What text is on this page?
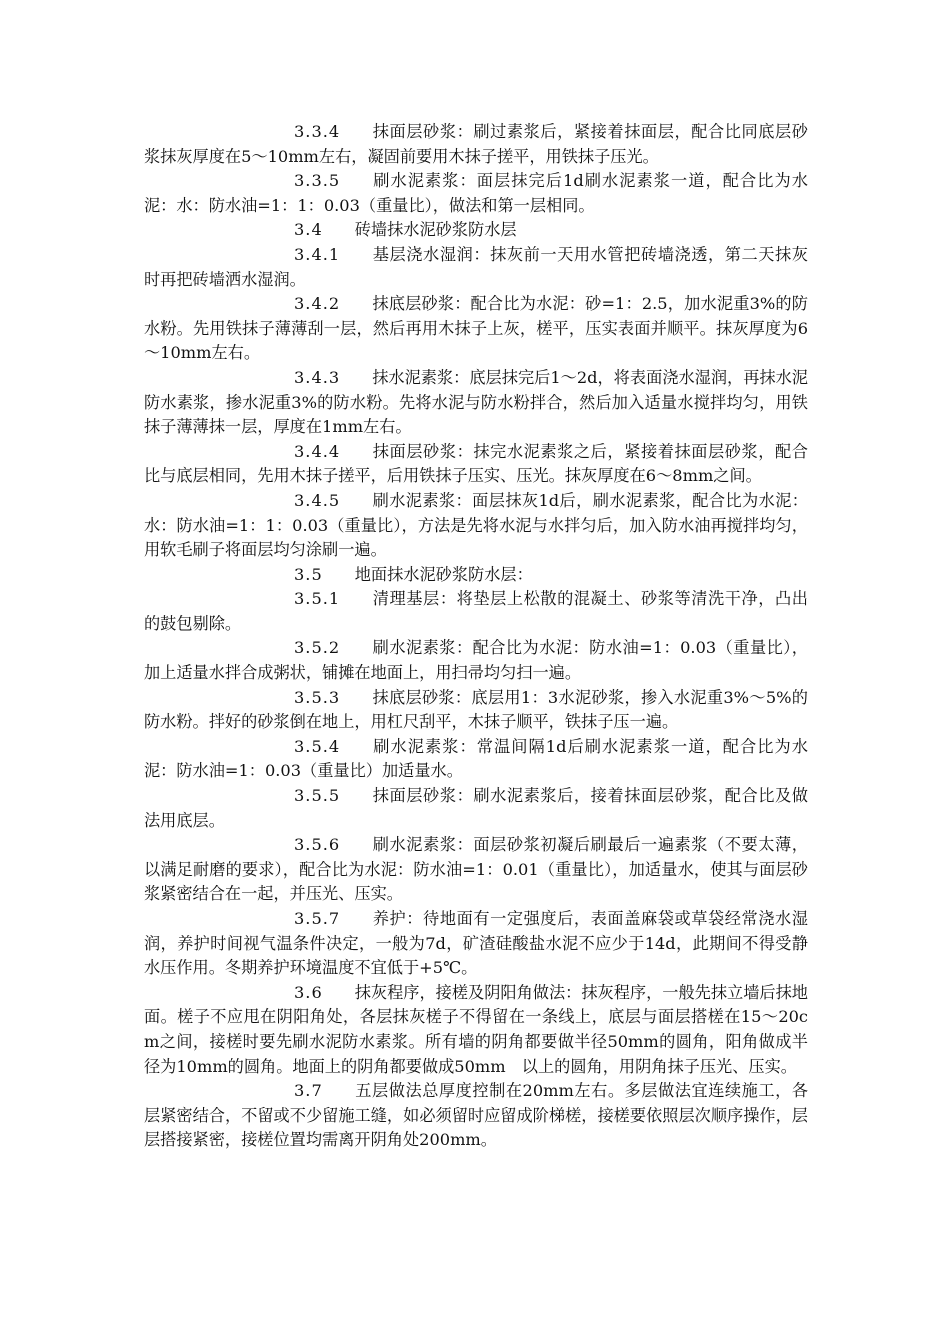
3.3.4 抹面层砂浆：刷过素浆后，紧接着抹面层，配合比同底层砂浆抹灰厚度在5～10mm左右，凝固前要用木抹子搓平，用铁抹子压光。

3.3.5 刷水泥素浆：面层抹完后1d刷水泥素浆一道，配合比为水泥：水：防水油=1：1：0.03（重量比），做法和第一层相同。

3.4 砖墙抹水泥砂浆防水层

3.4.1 基层浇水湿润：抹灰前一天用水管把砖墙浇透，第二天抹灰时再把砖墙洒水湿润。

3.4.2 抹底层砂浆：配合比为水泥：砂=1：2.5，加水泥重3%的防水粉。先用铁抹子薄薄刮一层，然后再用木抹子上灰，槎平，压实表面并顺平。抹灰厚度为6～10mm左右。

3.4.3 抹水泥素浆：底层抹完后1～2d，将表面浇水湿润，再抹水泥防水素浆，掺水泥重3%的防水粉。先将水泥与防水粉拌合，然后加入适量水搅拌均匀，用铁抹子薄薄抹一层，厚度在1mm左右。

3.4.4 抹面层砂浆：抹完水泥素浆之后，紧接着抹面层砂浆，配合比与底层相同，先用木抹子搓平，后用铁抹子压实、压光。抹灰厚度在6～8mm之间。

3.4.5 刷水泥素浆：面层抹灰1d后，刷水泥素浆，配合比为水泥：水：防水油=1：1：0.03（重量比），方法是先将水泥与水拌匀后，加入防水油再搅拌均匀，用软毛刷子将面层均匀涂刷一遍。

3.5 地面抹水泥砂浆防水层：

3.5.1 清理基层：将垫层上松散的混凝土、砂浆等清洗干净，凸出的鼓包剔除。

3.5.2 刷水泥素浆：配合比为水泥：防水油=1：0.03（重量比），加上适量水拌合成粥状，铺摊在地面上，用扫帚均匀扫一遍。

3.5.3 抹底层砂浆：底层用1：3水泥砂浆，掺入水泥重3%～5%的防水粉。拌好的砂浆倒在地上，用杠尺刮平，木抹子顺平，铁抹子压一遍。

3.5.4 刷水泥素浆：常温间隔1d后刷水泥素浆一道，配合比为水泥：防水油=1：0.03（重量比）加适量水。

3.5.5 抹面层砂浆：刷水泥素浆后，接着抹面层砂浆，配合比及做法用底层。

3.5.6 刷水泥素浆：面层砂浆初凝后刷最后一遍素浆（不要太薄，以满足耐磨的要求），配合比为水泥：防水油=1：0.01（重量比），加适量水，使其与面层砂浆紧密结合在一起，并压光、压实。

3.5.7 养护：待地面有一定强度后，表面盖麻袋或草袋经常浇水湿润，养护时间视气温条件决定，一般为7d，矿渣硅酸盐水泥不应少于14d，此期间不得受静水压作用。冬期养护环境温度不宜低于+5℃。

3.6 抹灰程序，接槎及阴阳角做法：抹灰程序，一般先抹立墙后抹地面。槎子不应甩在阴阳角处，各层抹灰槎子不得留在一条线上，底层与面层搭槎在15～20cm之间，接槎时要先刷水泥防水素浆。所有墙的阴角都要做半径50mm的圆角，阳角做成半径为10mm的圆角。地面上的阴角都要做成50mm　以上的圆角，用阴角抹子压光、压实。

3.7 五层做法总厚度控制在20mm左右。多层做法宜连续施工，各层紧密结合，不留或不少留施工缝，如必须留时应留成阶梯槎，接槎要依照层次顺序操作，层层搭接紧密，接槎位置均需离开阴角处200mm。
